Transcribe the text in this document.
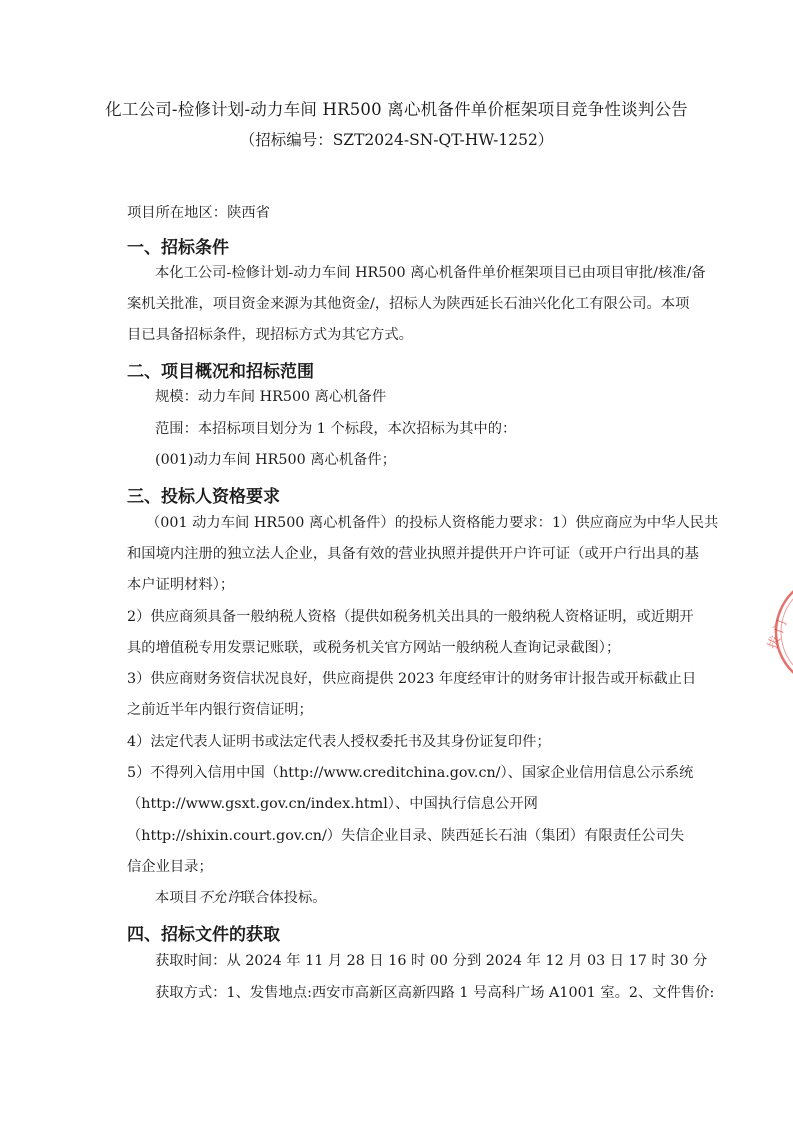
化工公司-检修计划-动力车间 HR500 离心机备件单价框架项目竞争性谈判公告
（招标编号：SZT2024-SN-QT-HW-1252）
项目所在地区：陕西省
一、招标条件
本化工公司-检修计划-动力车间 HR500 离心机备件单价框架项目已由项目审批/核准/备
案机关批准，项目资金来源为其他资金/，招标人为陕西延长石油兴化化工有限公司。本项
目已具备招标条件，现招标方式为其它方式。
二、项目概况和招标范围
规模：动力车间 HR500 离心机备件
范围：本招标项目划分为 1 个标段，本次招标为其中的：
(001)动力车间 HR500 离心机备件；
三、投标人资格要求
（001 动力车间 HR500 离心机备件）的投标人资格能力要求：1）供应商应为中华人民共
和国境内注册的独立法人企业，具备有效的营业执照并提供开户许可证（或开户行出具的基
本户证明材料）；
2）供应商须具备一般纳税人资格（提供如税务机关出具的一般纳税人资格证明，或近期开
具的增值税专用发票记账联，或税务机关官方网站一般纳税人查询记录截图）；
3）供应商财务资信状况良好，供应商提供 2023 年度经审计的财务审计报告或开标截止日
之前近半年内银行资信证明；
4）法定代表人证明书或法定代表人授权委托书及其身份证复印件；
5）不得列入信用中国（http://www.creditchina.gov.cn/）、国家企业信用信息公示系统
（http://www.gsxt.gov.cn/index.html）、中国执行信息公开网
（http://shixin.court.gov.cn/）失信企业目录、陕西延长石油（集团）有限责任公司失
信企业目录；
本项目不允许联合体投标。
四、招标文件的获取
获取时间：从 2024 年 11 月 28 日 16 时 00 分到 2024 年 12 月 03 日 17 时 30 分
获取方式：1、发售地点:西安市高新区高新四路 1 号高科广场 A1001 室。2、文件售价:
拔 门
